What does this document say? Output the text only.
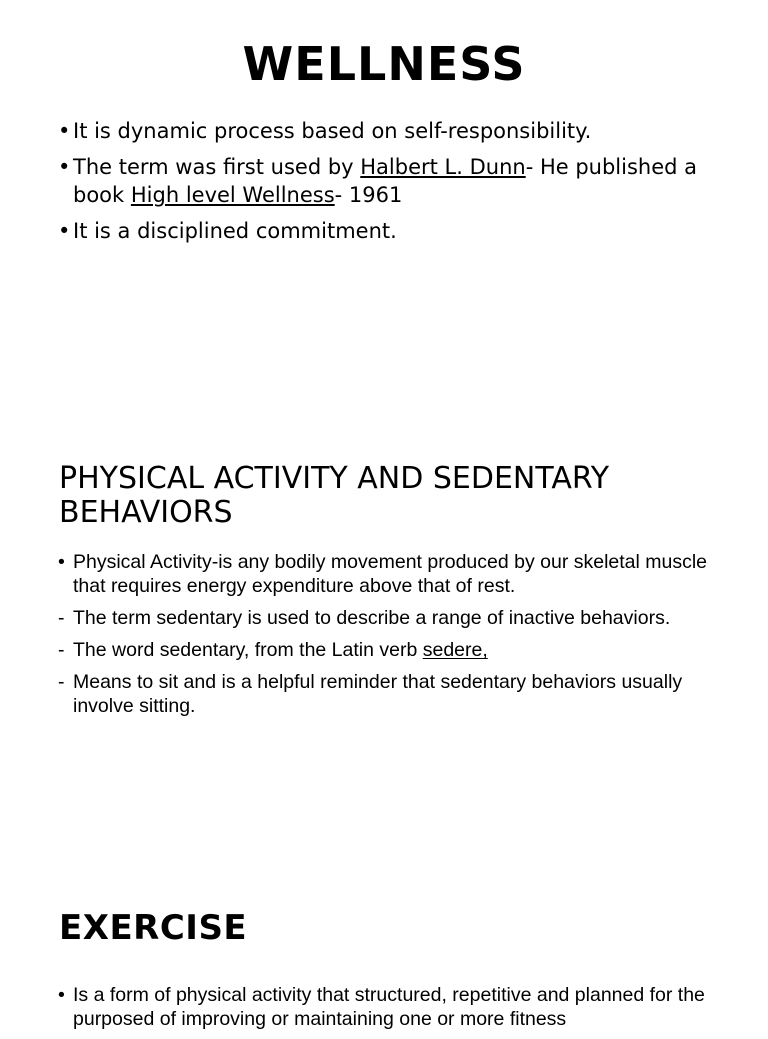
WELLNESS
• It is dynamic process based on self-responsibility.
• The term was first used by Halbert L. Dunn- He published a book High level Wellness- 1961
• It is a disciplined commitment.
PHYSICAL ACTIVITY AND SEDENTARY BEHAVIORS
• Physical Activity-is any bodily movement produced by our skeletal muscle that requires energy expenditure above that of rest.
- The term sedentary is used to describe a range of inactive behaviors.
- The word sedentary, from the Latin verb sedere,
- Means to sit and is a helpful reminder that sedentary behaviors usually involve sitting.
EXERCISE
• Is a form of physical activity that structured, repetitive and planned for the purposed of improving or maintaining one or more fitness
